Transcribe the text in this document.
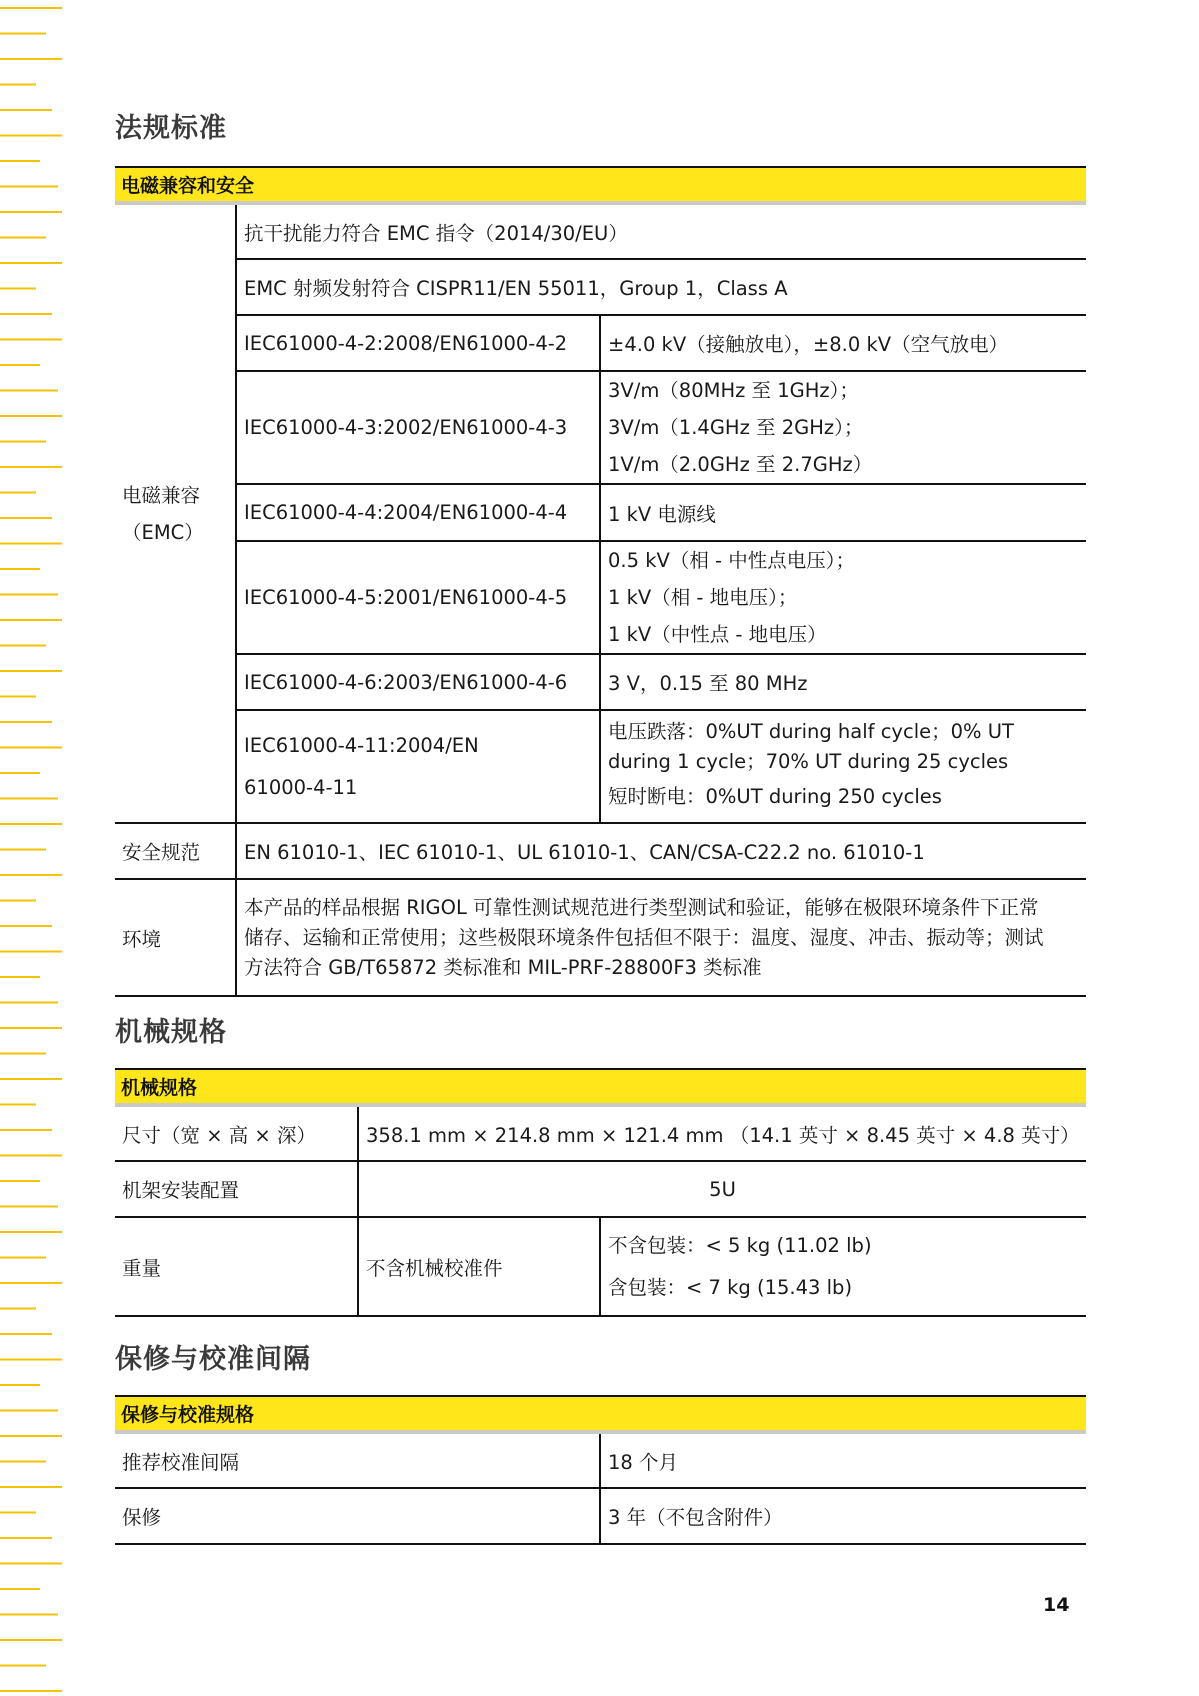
法规标准
电磁兼容和安全		

电磁兼容
（EMC）	抗干扰能力符合 EMC 指令（2014/30/EU）	
	EMC 射频发射符合 CISPR11/EN 55011，Group 1，Class A	
	IEC61000-4-2:2008/EN61000-4-2	±4.0 kV（接触放电），±8.0 kV（空气放电）
	IEC61000-4-3:2002/EN61000-4-3	3V/m（80MHz 至 1GHz）；
3V/m（1.4GHz 至 2GHz）；
1V/m（2.0GHz 至 2.7GHz）

	IEC61000-4-4:2004/EN61000-4-4	1 kV 电源线
	IEC61000-4-5:2001/EN61000-4-5	0.5 kV（相 - 中性点电压）；
1 kV（相 - 地电压）；
1 kV（中性点 - 地电压）

	IEC61000-4-6:2003/EN61000-4-6	3 V，0.15 至 80 MHz

	IEC61000-4-11:2004/EN
61000-4-11	电压跌落：0%UT during half cycle；0% UT
during 1 cycle；70% UT during 25 cycles
短时断电：0%UT during 250 cycles

安全规范	EN 61010-1、IEC 61010-1、UL 61010-1、CAN/CSA-C22.2 no. 61010-1	
环境	本产品的样品根据 RIGOL 可靠性测试规范进行类型测试和验证，能够在极限环境条件下正常
储存、运输和正常使用；这些极限环境条件包括但不限于：温度、湿度、冲击、振动等；测试
方法符合 GB/T65872 类标准和 MIL-PRF-28800F3 类标准	
机械规格
机械规格		

尺寸（宽 × 高 × 深）	358.1 mm × 214.8 mm × 121.4 mm （14.1 英寸 × 8.45 英寸 × 4.8 英寸）	
机架安装配置	5U	
重量	不含机械校准件	不含包装：< 5 kg (11.02 lb)
含包装：< 7 kg (15.43 lb)
保修与校准间隔
保修与校准规格	

推荐校准间隔	18 个月
保修	3 年（不包含附件）
14
